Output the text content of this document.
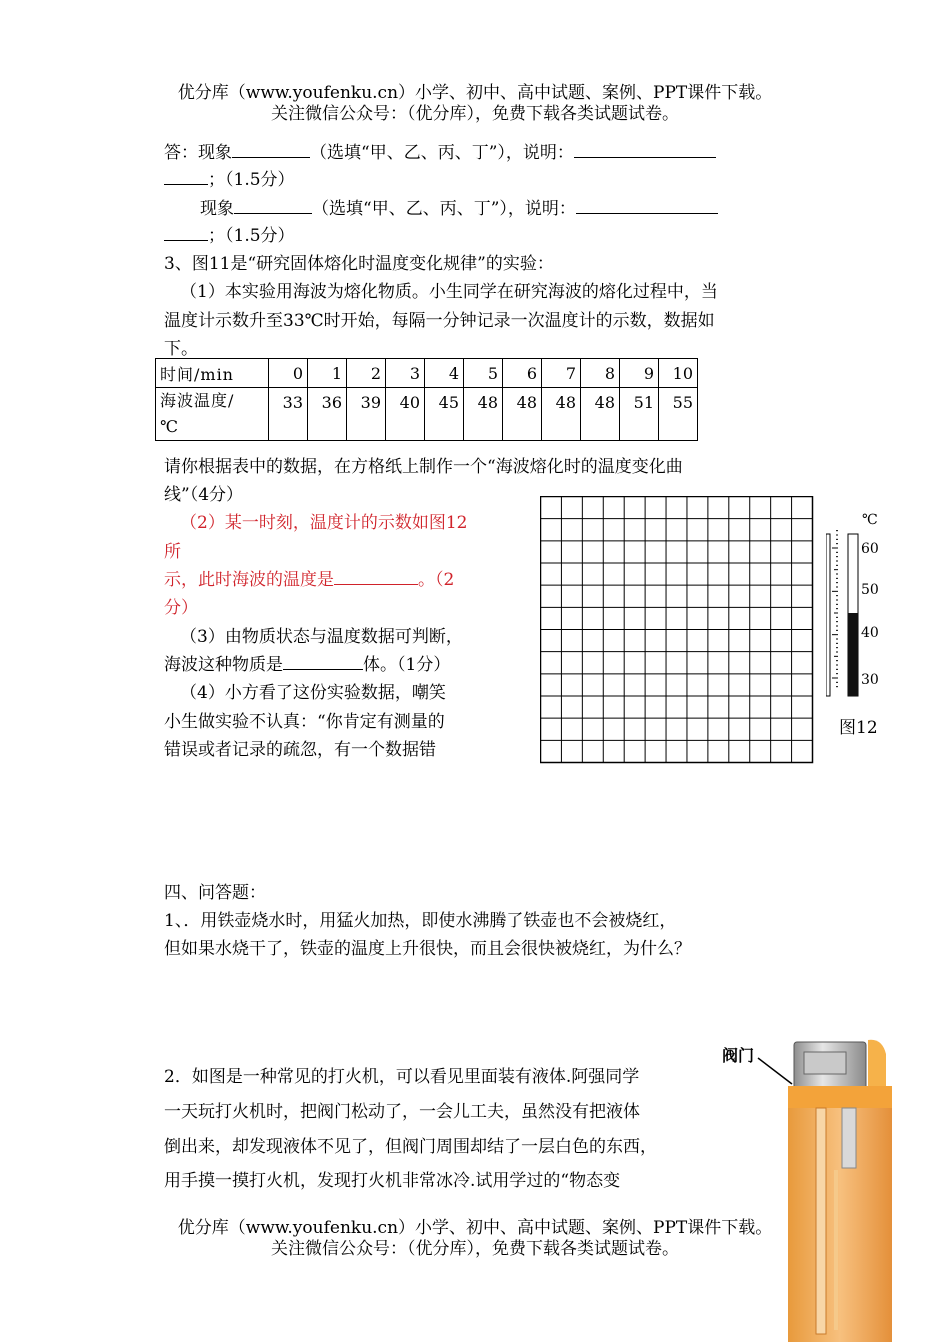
优分库（www.youfenku.cn）小学、初中、高中试题、案例、PPT课件下载。
关注微信公众号：（优分库），免费下载各类试题试卷。
答：现象	（选填“甲、乙、丙、丁”），说明：
；（1.5分）
现象	（选填“甲、乙、丙、丁”），说明：
；（1.5分）
3、图11是“研究固体熔化时温度变化规律”的实验：
（1）本实验用海波为熔化物质。小生同学在研究海波的熔化过程中，当
温度计示数升至33℃时开始，每隔一分钟记录一次温度计的示数，数据如
下。
时间/min	0	1	2	3	4	5	6	7	8	9	10
海波温度/
℃	33	36	39	40	45	48	48	48	48	51	55
请你根据表中的数据，在方格纸上制作一个“海波熔化时的温度变化曲
线”（4分）
（2）某一时刻，温度计的示数如图12
所
示，此时海波的温度是	。（2
分）
（3）由物质状态与温度数据可判断，
海波这种物质是	体。（1分）
（4）小方看了这份实验数据，嘲笑
小生做实验不认真：“你肯定有测量的
错误或者记录的疏忽，有一个数据错
℃
60
50
40
30
图12
四、问答题：
1、．用铁壶烧水时，用猛火加热，即使水沸腾了铁壶也不会被烧红，
但如果水烧干了，铁壶的温度上升很快，而且会很快被烧红，为什么？
2．如图是一种常见的打火机，可以看见里面装有液体.阿强同学
一天玩打火机时，把阀门松动了，一会儿工夫，虽然没有把液体
倒出来，却发现液体不见了，但阀门周围却结了一层白色的东西，
用手摸一摸打火机，发现打火机非常冰冷.试用学过的“物态变
阀门
优分库（www.youfenku.cn）小学、初中、高中试题、案例、PPT课件下载。
关注微信公众号：（优分库），免费下载各类试题试卷。
